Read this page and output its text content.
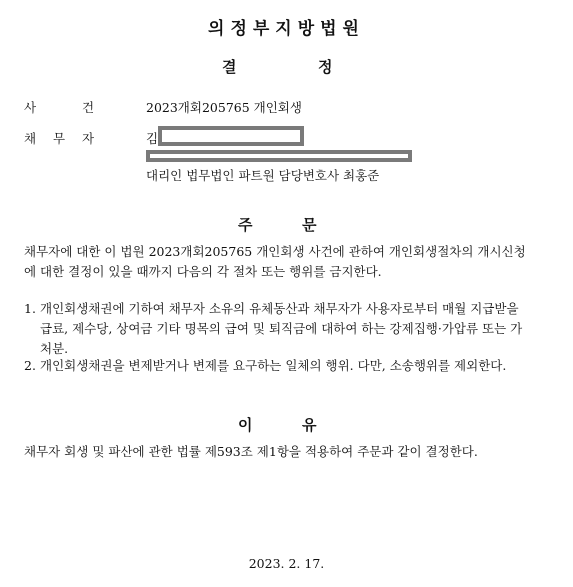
의정부지방법원
결	정
사	건	2023개회205765 개인회생
채 무 자	김
대리인 법무법인 파트원 담당변호사 최홍준
주	문
채무자에 대한 이 법원 2023개회205765 개인회생 사건에 관하여 개인회생절차의 개시신청에 대한 결정이 있을 때까지 다음의 각 절차 또는 행위를 금지한다.
1. 개인회생채권에 기하여 채무자 소유의 유체동산과 채무자가 사용자로부터 매월 지급받을 급료, 제수당, 상여금 기타 명목의 급여 및 퇴직금에 대하여 하는 강제집행·가압류 또는 가처분.
2. 개인회생채권을 변제받거나 변제를 요구하는 일체의 행위. 다만, 소송행위를 제외한다.
이	유
채무자 회생 및 파산에 관한 법률 제593조 제1항을 적용하여 주문과 같이 결정한다.
2023. 2. 17.
